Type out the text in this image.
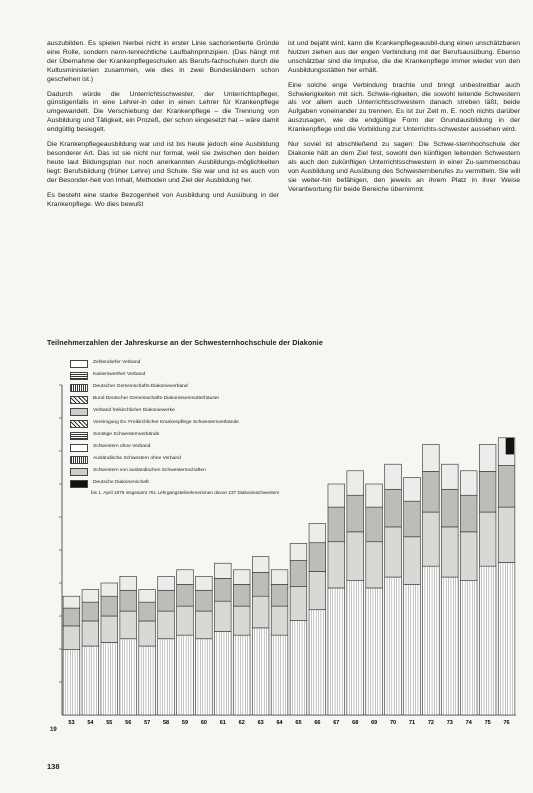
auszubilden. Es spielen hierbei nicht in erster Linie sachorientierte Gründe eine Rolle, sondern nenn-tenrechtliche Laufbahnprinzipien. (Das hängt mit der Übernahme der Krankenpflegeschulen als Berufs-fachschulen durch die Kultusministerien zusammen, wie dies in zwei Bundesländern schon geschehen ist.)

Dadurch würde die Unterrichtsschwester, der Unterrichtspfleger, günstigenfalls in eine Lehrer-in oder in einen Lehrer für Krankenpflege umgewandelt. Die Verschiebung der Krankenpflege – die Trennung von Ausbildung und Tätigkeit, ein Prozeß, der schon eingesetzt hat – wäre damit endgültig besiegelt.

Die Krankenpflegeausbildung war und ist bis heute jedoch eine Ausbildung besonderer Art. Das ist sie nicht nur formal, weil sie zwischen den beiden heute laut Bildungsplan nur noch anerkannten Ausbildungs-möglichkeiten liegt: Berufsbildung (früher Lehre) und Schule. Sie war und ist es auch von der Besonder-heit von Inhalt, Methoden und Ziel der Ausbildung her.

Es besteht eine starke Bezogenheit von Ausbildung und Ausübung in der Krankenpflege. Wo dies bewußt

ist und bejaht wird, kann die Krankenpflegeausbil-dung einen unschätzbaren Nutzen ziehen aus der engen Verbindung mit der Berufsausübung. Ebenso unschätzbar sind die Impulse, die die Krankenpflege immer wieder von den Ausbildungsstätten her erhält.

Eine solche enge Verbindung brachte und bringt unbestreitbar auch Schwierigkeiten mit sich. Schwie-rigkeiten, die sowohl leitende Schwestern als vor allem auch Unterrichtsschwestern danach streben läßt, beide Aufgaben voneinander zu trennen. Es ist zur Zeit m. E. noch nichts darüber auszusagen, wie die endgültige Form der Grundausbildung in der Krankenpflege und die Vorbildung zur Unterrichts-schwester aussehen wird.

Nur soviel ist abschließend zu sagen: Die Schwe-sternhochschule der Diakonie hält an dem Ziel fest, sowohl den künftigen leitenden Schwestern als auch den zukünftigen Unterrichtsschwestern in einer Zu-sammenschau von Ausbildung und Ausübung des Schwesternberufes zu vermitteln. Sie will sie weiter-hin befähigen, den jeweils an ihrem Platz in ihrer Weise Verantwortung für beide Bereiche übernimmt.

Teilnehmerzahlen der Jahreskurse an der Schwesternhochschule der Diakonie
53 54 55 56 57 58 59 60 61 62 63 64 65 66 67 68 69 70 71 72 73 74 75 76
Zehlendorfer Verband
Kaiserswerther Verband
Deutscher Gemeinschafts-Diakonieverband
Bund Deutscher Gemeinschafts-Diakonissenmutterhäuser
Verband freikirchlicher Diakoniewerke
Vereinigung Ev. Freikirchlicher Krankenpflege Schwesternverbände
Sonstige Schwesternverbände
Schwestern ohne Verband
Ausländische Schwestern ohne Verband
Schwestern von ausländischen Schwesternschaften
Deutsche Diakonenschaft
bis 1. April 1976 insgesamt 761 Lehrgangsteilnehmerinnen davon 237 Diakonieschwestern
19
138
